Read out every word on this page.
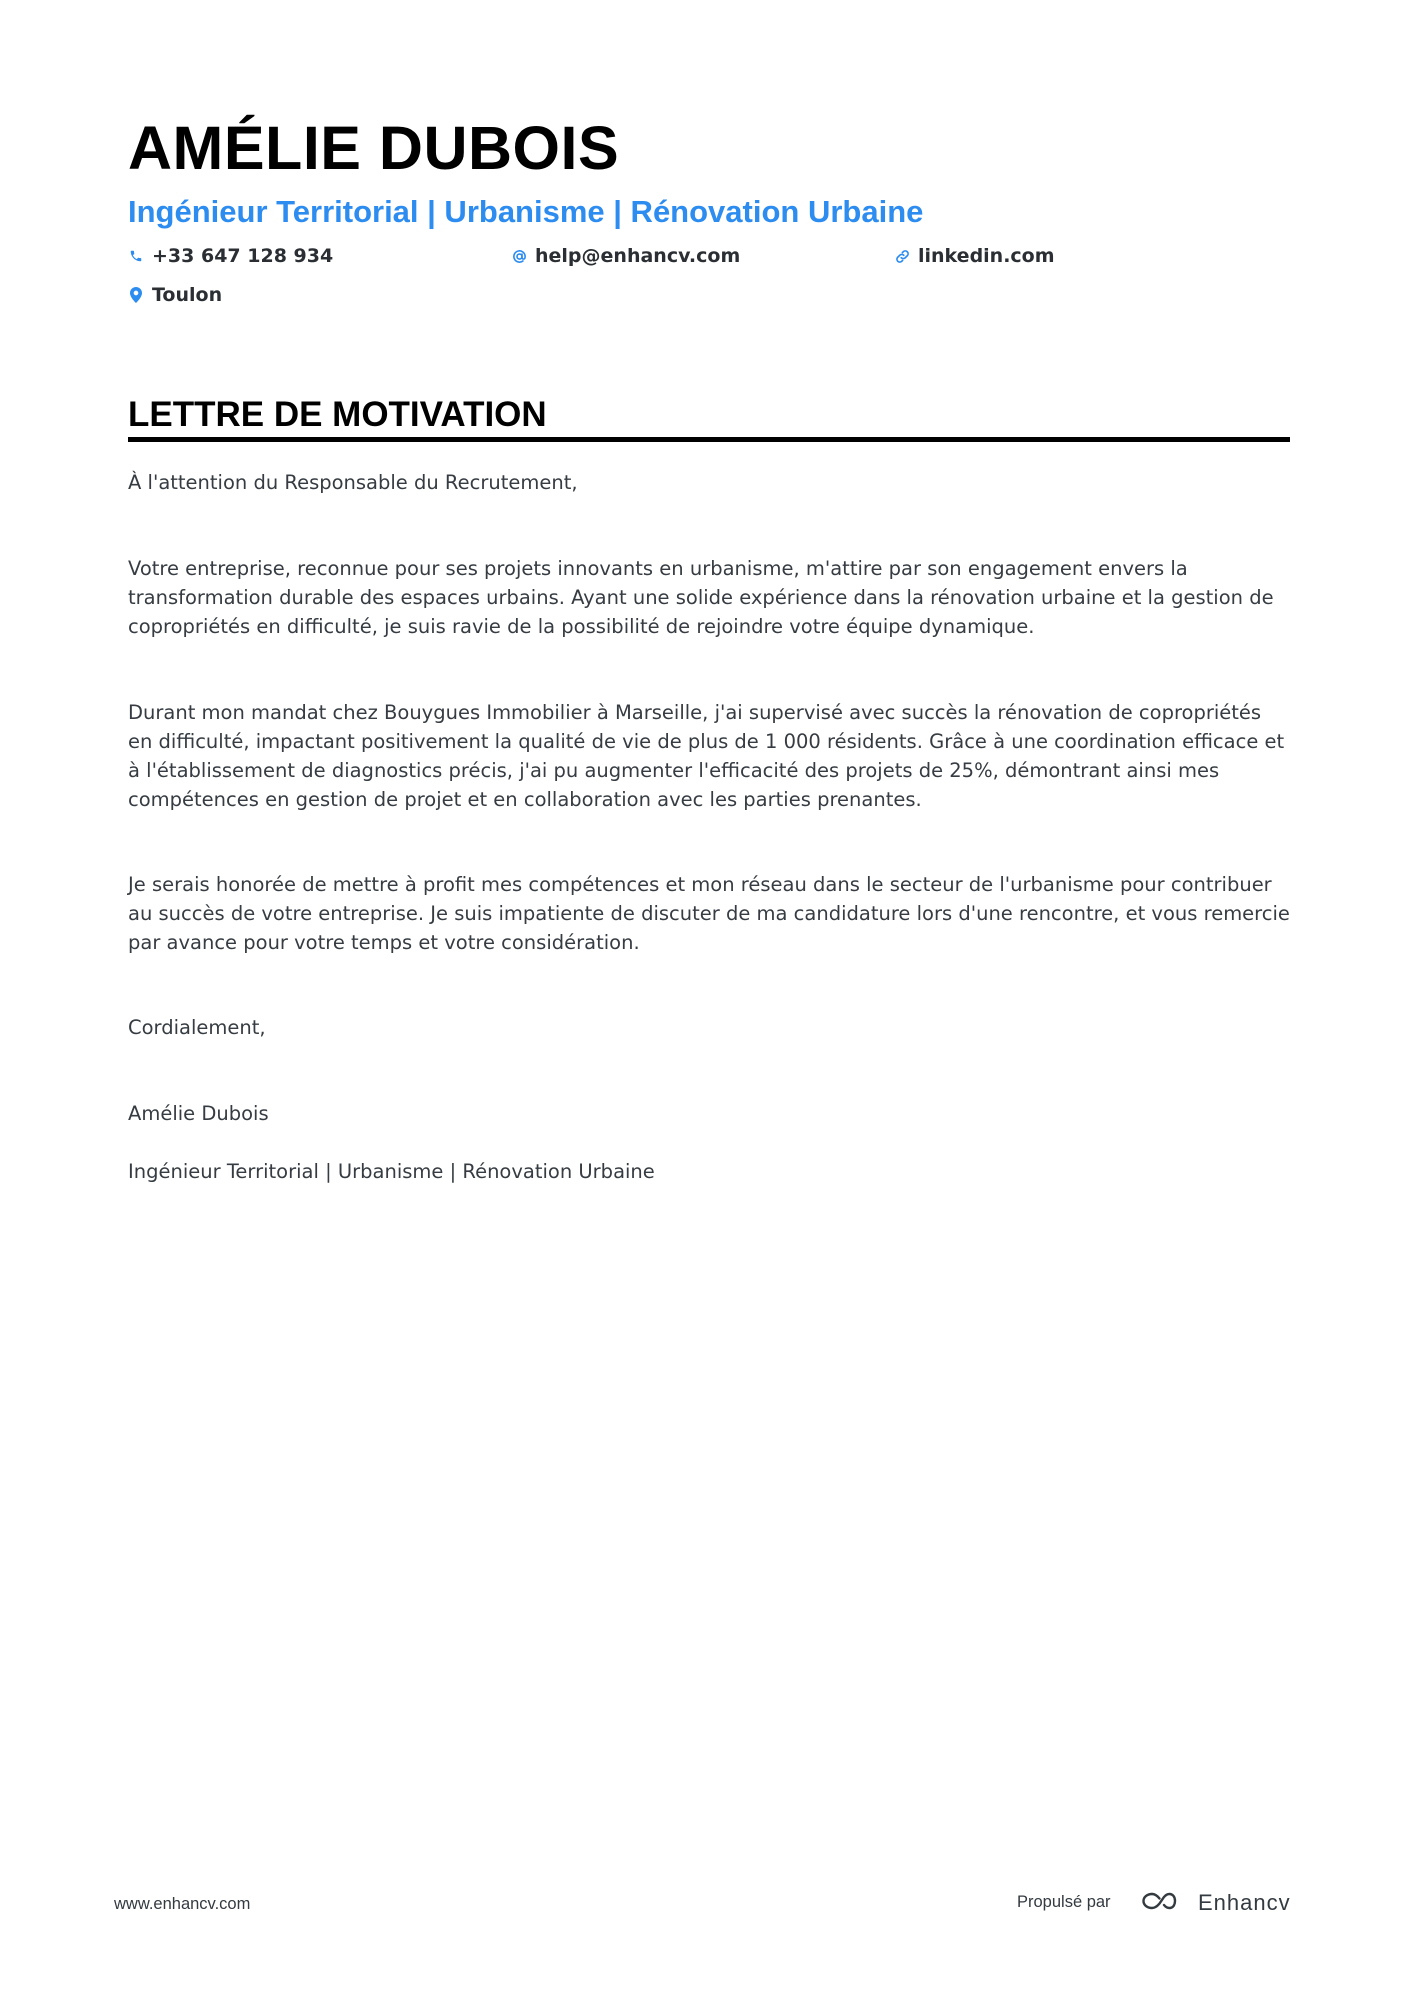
AMÉLIE DUBOIS
Ingénieur Territorial | Urbanisme | Rénovation Urbaine
+33 647 128 934	help@enhancv.com	linkedin.com
Toulon
LETTRE DE MOTIVATION

À l'attention du Responsable du Recrutement,

Votre entreprise, reconnue pour ses projets innovants en urbanisme, m'attire par son engagement envers la transformation durable des espaces urbains. Ayant une solide expérience dans la rénovation urbaine et la gestion de copropriétés en difficulté, je suis ravie de la possibilité de rejoindre votre équipe dynamique.

Durant mon mandat chez Bouygues Immobilier à Marseille, j'ai supervisé avec succès la rénovation de copropriétés en difficulté, impactant positivement la qualité de vie de plus de 1 000 résidents. Grâce à une coordination efficace et à l'établissement de diagnostics précis, j'ai pu augmenter l'efficacité des projets de 25%, démontrant ainsi mes compétences en gestion de projet et en collaboration avec les parties prenantes.

Je serais honorée de mettre à profit mes compétences et mon réseau dans le secteur de l'urbanisme pour contribuer au succès de votre entreprise. Je suis impatiente de discuter de ma candidature lors d'une rencontre, et vous remercie par avance pour votre temps et votre considération.

Cordialement,

Amélie Dubois

Ingénieur Territorial | Urbanisme | Rénovation Urbaine

www.enhancv.com	Propulsé par	Enhancv
